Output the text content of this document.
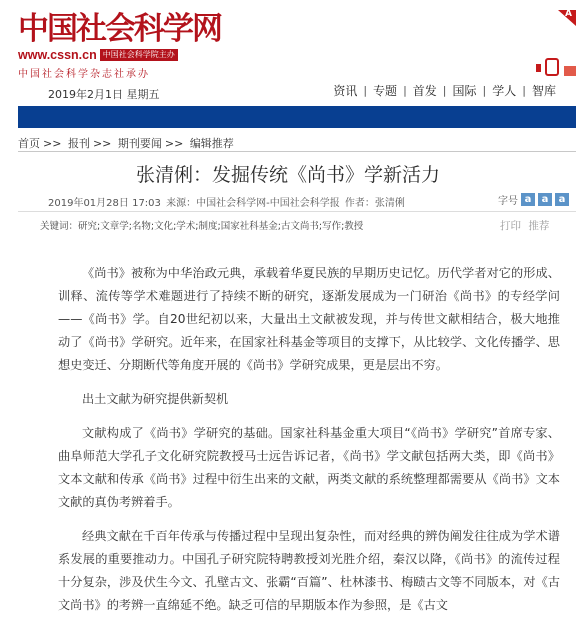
中国社会科学网
www.cssn.cn 中国社会科学院主办
中国社会科学杂志社承办
2019年2月1日 星期五
A
资讯 | 专题 | 首发 | 国际 | 学人 | 智库
首页 >> 报刊 >> 期刊要闻 >> 编辑推荐
张清俐：发掘传统《尚书》学新活力
2019年01月28日 17:03 来源：中国社会科学网-中国社会科学报 作者：张清俐	字号 a	a	a
关键词：研究;文章学;名物;文化;学术;制度;国家社科基金;古文尚书;写作;教授	打印 推荐

《尚书》被称为中华治政元典，承载着华夏民族的早期历史记忆。历代学者对它的形成、训释、流传等学术难题进行了持续不断的研究，逐渐发展成为一门研治《尚书》的专经学问——《尚书》学。自20世纪初以来，大量出土文献被发现，并与传世文献相结合，极大地推动了《尚书》学研究。近年来，在国家社科基金等项目的支撑下，从比较学、文化传播学、思想史变迁、分期断代等角度开展的《尚书》学研究成果，更是层出不穷。

出土文献为研究提供新契机

文献构成了《尚书》学研究的基础。国家社科基金重大项目“《尚书》学研究”首席专家、曲阜师范大学孔子文化研究院教授马士远告诉记者，《尚书》学文献包括两大类，即《尚书》文本文献和传承《尚书》过程中衍生出来的文献，两类文献的系统整理都需要从《尚书》文本文献的真伪考辨着手。

经典文献在千百年传承与传播过程中呈现出复杂性，而对经典的辨伪阐发往往成为学术谱系发展的重要推动力。中国孔子研究院特聘教授刘光胜介绍，秦汉以降，《尚书》的流传过程十分复杂，涉及伏生今文、孔壁古文、张霸“百篇”、杜林漆书、梅赜古文等不同版本，对《古文尚书》的考辨一直绵延不绝。缺乏可信的早期版本作为参照，是《古文
